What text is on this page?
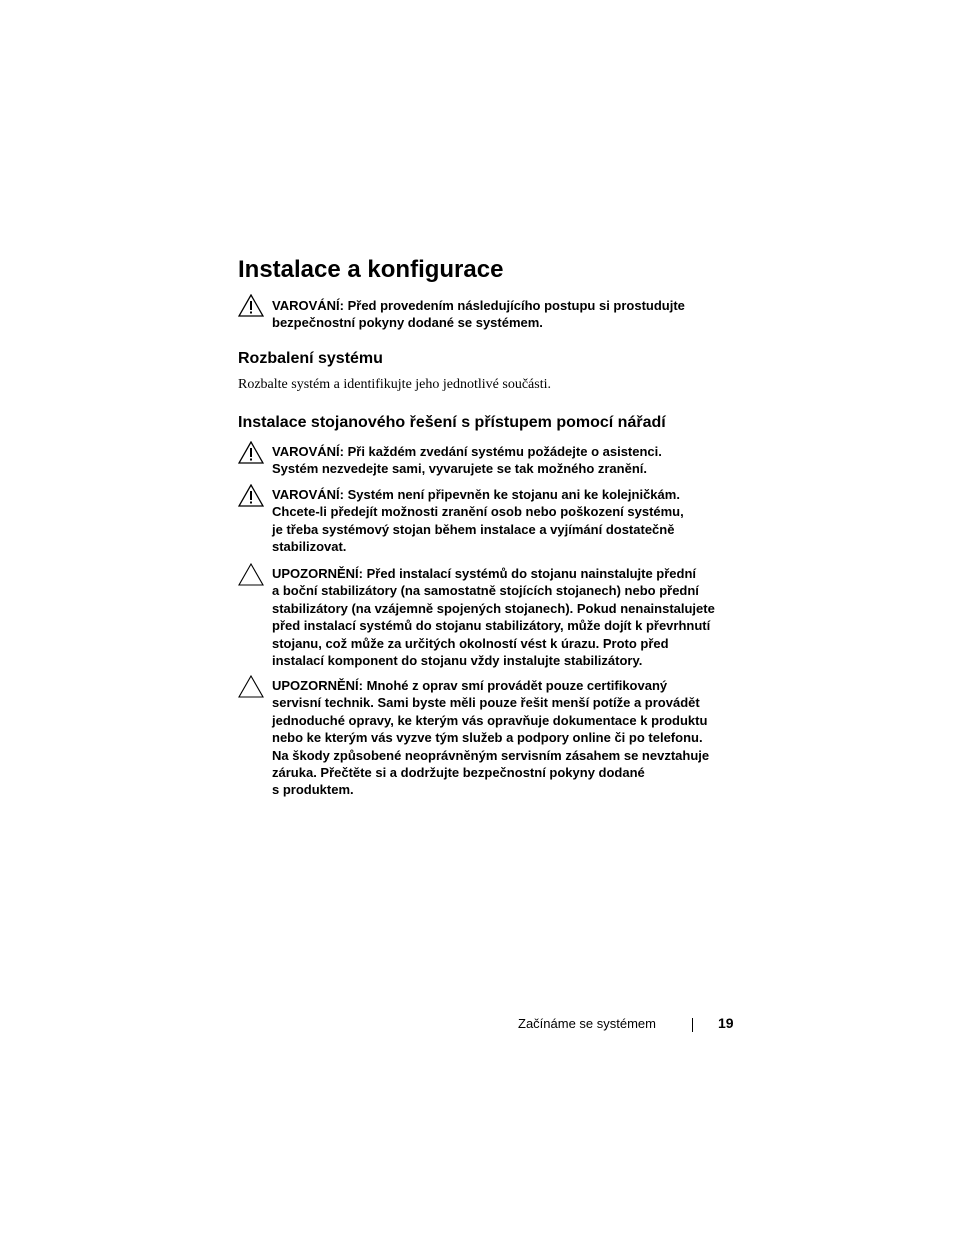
Instalace a konfigurace
VAROVÁNÍ: Před provedením následujícího postupu si prostudujte
bezpečnostní pokyny dodané se systémem.
Rozbalení systému

Rozbalte systém a identifikujte jeho jednotlivé součásti.

Instalace stojanového řešení s přístupem pomocí nářadí
VAROVÁNÍ: Při každém zvedání systému požádejte o asistenci.
Systém nezvedejte sami, vyvarujete se tak možného zranění.
VAROVÁNÍ: Systém není připevněn ke stojanu ani ke kolejničkám.
Chcete-li předejít možnosti zranění osob nebo poškození systému,
je třeba systémový stojan během instalace a vyjímání dostatečně
stabilizovat.
UPOZORNĚNÍ: Před instalací systémů do stojanu nainstalujte přední
a boční stabilizátory (na samostatně stojících stojanech) nebo přední
stabilizátory (na vzájemně spojených stojanech). Pokud nenainstalujete
před instalací systémů do stojanu stabilizátory, může dojít k převrhnutí
stojanu, což může za určitých okolností vést k úrazu. Proto před
instalací komponent do stojanu vždy instalujte stabilizátory.
UPOZORNĚNÍ: Mnohé z oprav smí provádět pouze certifikovaný
servisní technik. Sami byste měli pouze řešit menší potíže a provádět
jednoduché opravy, ke kterým vás opravňuje dokumentace k produktu
nebo ke kterým vás vyzve tým služeb a podpory online či po telefonu.
Na škody způsobené neoprávněným servisním zásahem se nevztahuje
záruka. Přečtěte si a dodržujte bezpečnostní pokyny dodané
s produktem.
Začínáme se systémem	19
